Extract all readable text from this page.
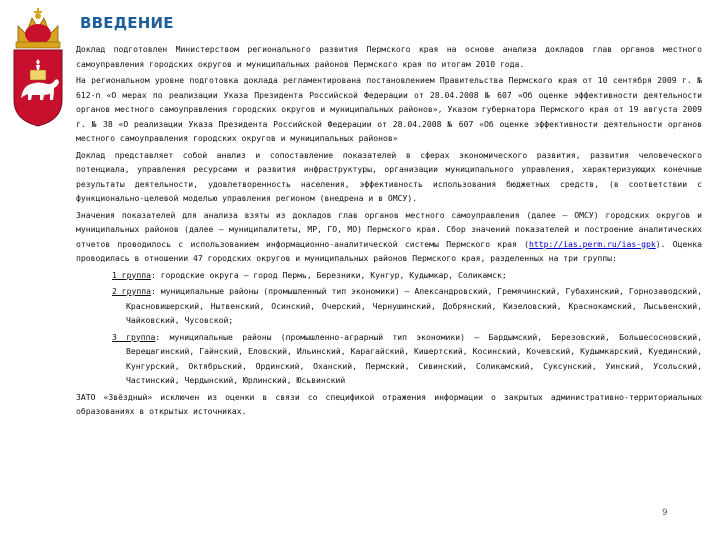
ВВЕДЕНИЕ

Доклад подготовлен Министерством регионального развития Пермского края на основе анализа докладов глав органов местного самоуправления городских округов и муниципальных районов Пермского края по итогам 2010 года.

На региональном уровне подготовка доклада регламентирована постановлением Правительства Пермского края от 10 сентября 2009 г. № 612-п «О мерах по реализации Указа Президента Российской Федерации от 28.04.2008 № 607 «Об оценке эффективности деятельности органов местного самоуправления городских округов и муниципальных районов», Указом губернатора Пермского края от 19 августа 2009 г. № 38 «О реализации Указа Президента Российской Федерации от 28.04.2008 № 607 «Об оценке эффективности деятельности органов местного самоуправления городских округов и муниципальных районов»

Доклад представляет собой анализ и сопоставление показателей в сферах экономического развития, развития человеческого потенциала, управления ресурсами и развития инфраструктуры, организации муниципального управления, характеризующих конечные результаты деятельности, удовлетворенность населения, эффективность использования бюджетных средств, (в соответствии с функционально-целевой моделью управления регионом (внедрена и в ОМСУ).

Значения показателей для анализа взяты из докладов глав органов местного самоуправления (далее – ОМСУ) городских округов и муниципальных районов (далее – муниципалитеты, МР, ГО, МО) Пермского края. Сбор значений показателей и построение аналитических отчетов проводилось с использованием информационно-аналитической системы Пермского края (http://ias.perm.ru/ias-gpk). Оценка проводилась в отношении 47 городских округов и муниципальных районов Пермского края, разделенных на три группы:

1 группа: городские округа – город Пермь, Березники, Кунгур, Кудымкар, Соликамск;

2 группа: муниципальные районы (промышленный тип экономики) – Александровский, Гремячинский, Губахинский, Горнозаводский, Красновишерский, Нытвенский, Осинский, Очерский, Чернушинский, Добрянский, Кизеловский, Краснокамский, Лысьвенский, Чайковский, Чусовской;

3 группа: муниципальные районы (промышленно-аграрный тип экономики) – Бардымский, Березовский, Большесосновский, Верещагинский, Гайнский, Еловский, Ильинский, Карагайский, Кишертский, Косинский, Кочевский, Кудымкарский, Куединский, Кунгурский, Октябрьский, Ординский, Оханский, Пермский, Сивинский, Соликамский, Суксунский, Уинский, Усольский, Частинский, Чердынский, Юрлинский, Юсьвинский

ЗАТО «Звёздный» исключен из оценки в связи со спецификой отражения информации о закрытых административно-территориальных образованиях в открытых источниках.

9
